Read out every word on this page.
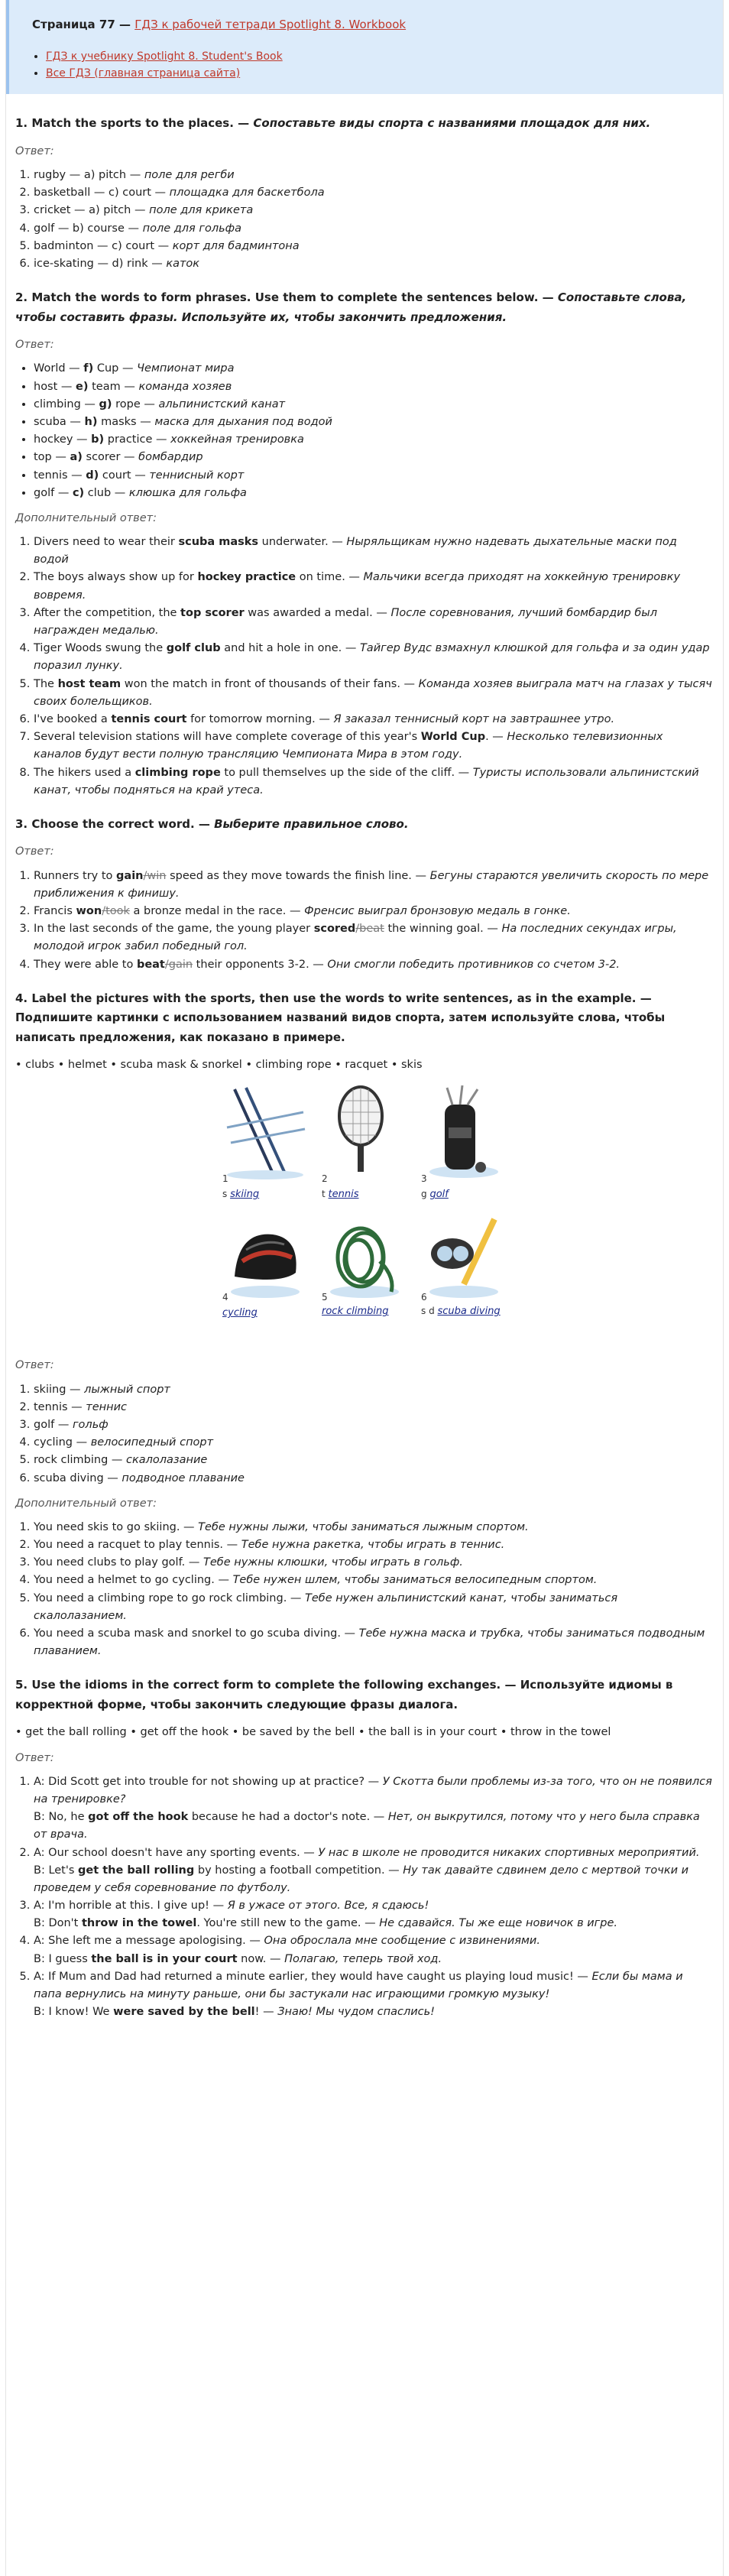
Страница 77 — ГДЗ к рабочей тетради Spotlight 8. Workbook
• ГДЗ к учебнику Spotlight 8. Student's Book
• Все ГДЗ (главная страница сайта)
1. Match the sports to the places. — Сопоставьте виды спорта с названиями площадок для них.

Ответ:

1. rugby — a) pitch — поле для регби
2. basketball — c) court — площадка для баскетбола
3. cricket — a) pitch — поле для крикета
4. golf — b) course — поле для гольфа
5. badminton — c) court — корт для бадминтона
6. ice-skating — d) rink — каток
2. Match the words to form phrases. Use them to complete the sentences below. — Сопоставьте слова, чтобы составить фразы. Используйте их, чтобы закончить предложения.

Ответ:

• World — f) Cup — Чемпионат мира
• host — e) team — команда хозяев
• climbing — g) rope — альпинистский канат
• scuba — h) masks — маска для дыхания под водой
• hockey — b) practice — хоккейная тренировка
• top — a) scorer — бомбардир
• tennis — d) court — теннисный корт
• golf — c) club — клюшка для гольфа

Дополнительный ответ:

1. Divers need to wear their scuba masks underwater. — Ныряльщикам нужно надевать дыхательные маски под водой
2. The boys always show up for hockey practice on time. — Мальчики всегда приходят на хоккейную тренировку вовремя.
3. After the competition, the top scorer was awarded a medal. — После соревнования, лучший бомбардир был награжден медалью.
4. Tiger Woods swung the golf club and hit a hole in one. — Тайгер Вудс взмахнул клюшкой для гольфа и за один удар поразил лунку.
5. The host team won the match in front of thousands of their fans. — Команда хозяев выиграла матч на глазах у тысяч своих болельщиков.
6. I've booked a tennis court for tomorrow morning. — Я заказал теннисный корт на завтрашнее утро.
7. Several television stations will have complete coverage of this year's World Cup. — Несколько телевизионных каналов будут вести полную трансляцию Чемпионата Мира в этом году.
8. The hikers used a climbing rope to pull themselves up the side of the cliff. — Туристы использовали альпинистский канат, чтобы подняться на край утеса.
3. Choose the correct word. — Выберите правильное слово.

Ответ:

1. Runners try to gain/win speed as they move towards the finish line. — Бегуны стараются увеличить скорость по мере приближения к финишу.
2. Francis won/took a bronze medal in the race. — Френсис выиграл бронзовую медаль в гонке.
3. In the last seconds of the game, the young player scored/beat the winning goal. — На последних секундах игры, молодой игрок забил победный гол.
4. They were able to beat/gain their opponents 3-2. — Они смогли победить противников со счетом 3-2.
4. Label the pictures with the sports, then use the words to write sentences, as in the example. — Подпишите картинки с использованием названий видов спорта, затем используйте слова, чтобы написать предложения, как показано в примере.
• clubs • helmet • scuba mask & snorkel • climbing rope • racquet • skis
1
s skiing
2
t tennis
3
g golf
4
cycling
5
rock climbing
6
s d scuba diving

Ответ:

1. skiing — лыжный спорт
2. tennis — теннис
3. golf — гольф
4. cycling — велосипедный спорт
5. rock climbing — скалолазание
6. scuba diving — подводное плавание

Дополнительный ответ:

1. You need skis to go skiing. — Тебе нужны лыжи, чтобы заниматься лыжным спортом.
2. You need a racquet to play tennis. — Тебе нужна ракетка, чтобы играть в теннис.
3. You need clubs to play golf. — Тебе нужны клюшки, чтобы играть в гольф.
4. You need a helmet to go cycling. — Тебе нужен шлем, чтобы заниматься велосипедным спортом.
5. You need a climbing rope to go rock climbing. — Тебе нужен альпинистский канат, чтобы заниматься скалолазанием.
6. You need a scuba mask and snorkel to go scuba diving. — Тебе нужна маска и трубка, чтобы заниматься подводным плаванием.
5. Use the idioms in the correct form to complete the following exchanges. — Используйте идиомы в корректной форме, чтобы закончить следующие фразы диалога.
• get the ball rolling • get off the hook • be saved by the bell • the ball is in your court • throw in the towel

Ответ:

1. A: Did Scott get into trouble for not showing up at practice? — У Скотта были проблемы из-за того, что он не появился на тренировке?
B: No, he got off the hook because he had a doctor's note. — Нет, он выкрутился, потому что у него была справка от врача.
2. A: Our school doesn't have any sporting events. — У нас в школе не проводится никаких спортивных мероприятий.
B: Let's get the ball rolling by hosting a football competition. — Ну так давайте сдвинем дело с мертвой точки и проведем у себя соревнование по футболу.
3. A: I'm horrible at this. I give up! — Я в ужасе от этого. Все, я сдаюсь!
B: Don't throw in the towel. You're still new to the game. — Не сдавайся. Ты же еще новичок в игре.
4. A: She left me a message apologising. — Она оброслала мне сообщение с извинениями.
B: I guess the ball is in your court now. — Полагаю, теперь твой ход.
5. A: If Mum and Dad had returned a minute earlier, they would have caught us playing loud music! — Если бы мама и папа вернулись на минуту раньше, они бы застукали нас играющими громкую музыку!
B: I know! We were saved by the bell! — Знаю! Мы чудом спаслись!
